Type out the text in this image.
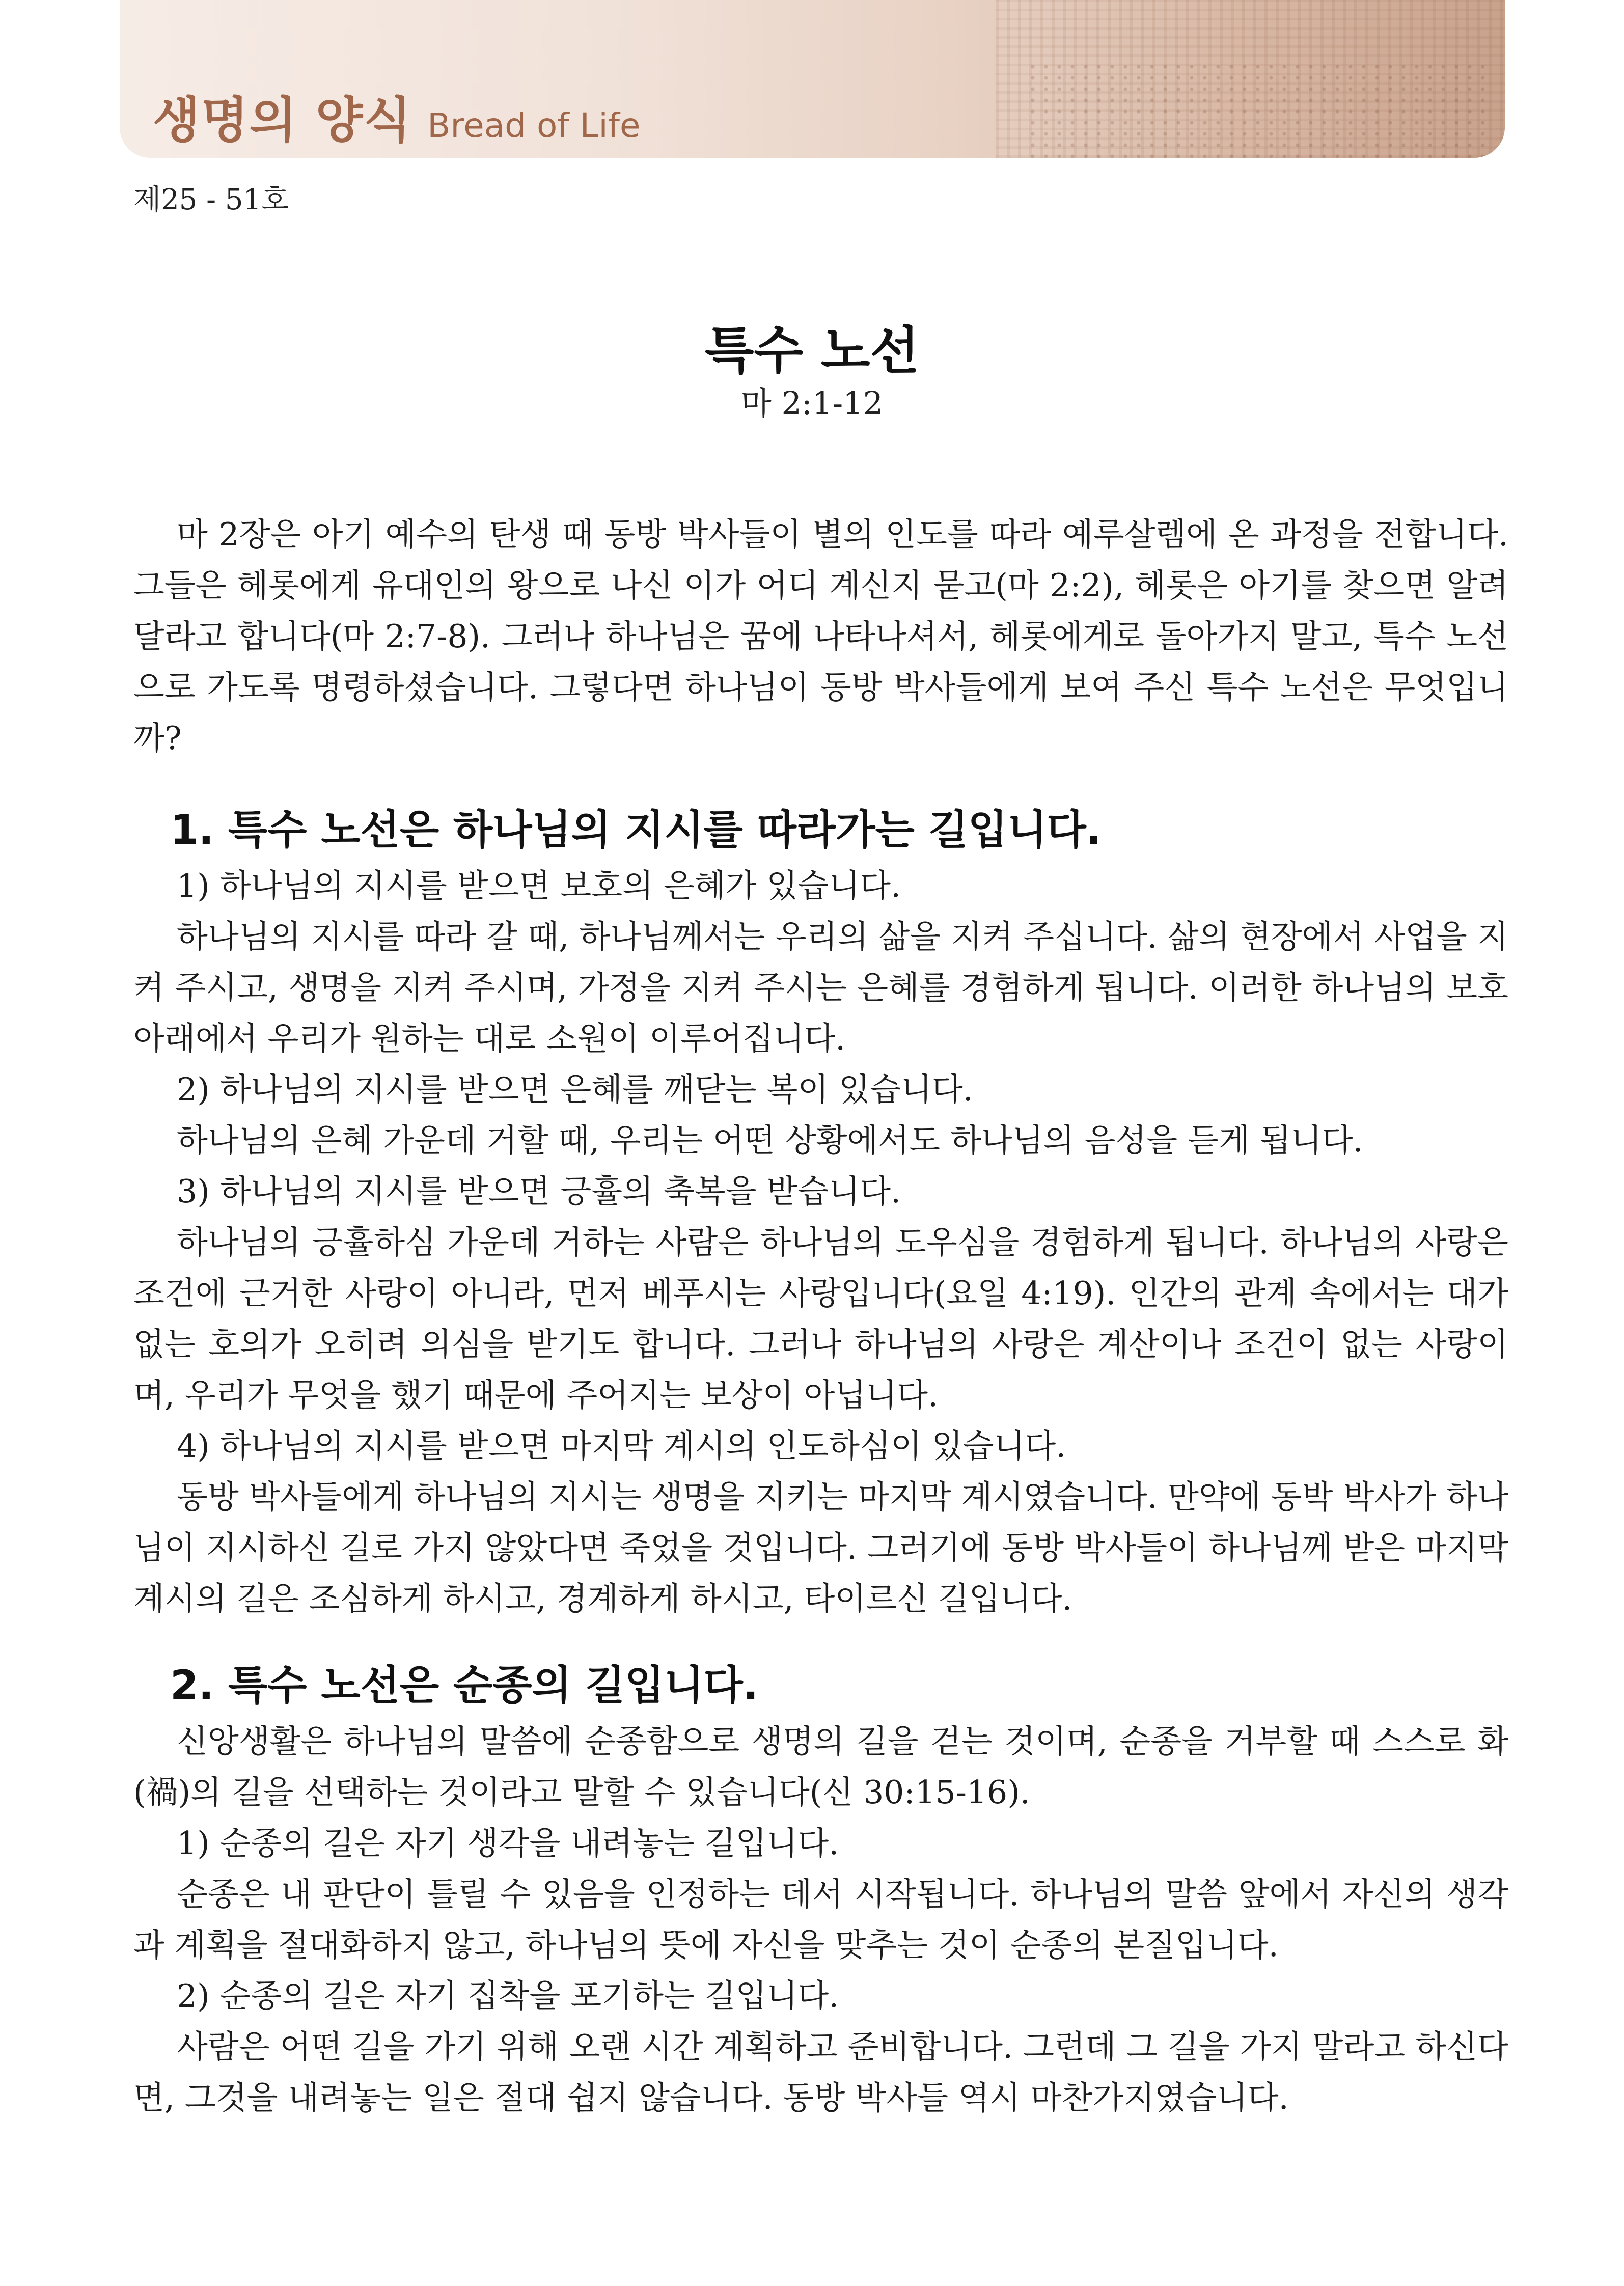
생명의 양식 Bread of Life
제25 - 51호
특수 노선
마 2:1-12

마 2장은 아기 예수의 탄생 때 동방 박사들이 별의 인도를 따라 예루살렘에 온 과정을 전합니다. 그들은 헤롯에게 유대인의 왕으로 나신 이가 어디 계신지 묻고(마 2:2), 헤롯은 아기를 찾으면 알려 달라고 합니다(마 2:7-8). 그러나 하나님은 꿈에 나타나셔서, 헤롯에게로 돌아가지 말고, 특수 노선으로 가도록 명령하셨습니다. 그렇다면 하나님이 동방 박사들에게 보여 주신 특수 노선은 무엇입니까?

1. 특수 노선은 하나님의 지시를 따라가는 길입니다.

1) 하나님의 지시를 받으면 보호의 은혜가 있습니다.

하나님의 지시를 따라 갈 때, 하나님께서는 우리의 삶을 지켜 주십니다. 삶의 현장에서 사업을 지켜 주시고, 생명을 지켜 주시며, 가정을 지켜 주시는 은혜를 경험하게 됩니다. 이러한 하나님의 보호 아래에서 우리가 원하는 대로 소원이 이루어집니다.

2) 하나님의 지시를 받으면 은혜를 깨닫는 복이 있습니다.

하나님의 은혜 가운데 거할 때, 우리는 어떤 상황에서도 하나님의 음성을 듣게 됩니다.

3) 하나님의 지시를 받으면 긍휼의 축복을 받습니다.

하나님의 긍휼하심 가운데 거하는 사람은 하나님의 도우심을 경험하게 됩니다. 하나님의 사랑은 조건에 근거한 사랑이 아니라, 먼저 베푸시는 사랑입니다(요일 4:19). 인간의 관계 속에서는 대가 없는 호의가 오히려 의심을 받기도 합니다. 그러나 하나님의 사랑은 계산이나 조건이 없는 사랑이며, 우리가 무엇을 했기 때문에 주어지는 보상이 아닙니다.

4) 하나님의 지시를 받으면 마지막 계시의 인도하심이 있습니다.

동방 박사들에게 하나님의 지시는 생명을 지키는 마지막 계시였습니다. 만약에 동박 박사가 하나님이 지시하신 길로 가지 않았다면 죽었을 것입니다. 그러기에 동방 박사들이 하나님께 받은 마지막 계시의 길은 조심하게 하시고, 경계하게 하시고, 타이르신 길입니다.

2. 특수 노선은 순종의 길입니다.

신앙생활은 하나님의 말씀에 순종함으로 생명의 길을 걷는 것이며, 순종을 거부할 때 스스로 화(禍)의 길을 선택하는 것이라고 말할 수 있습니다(신 30:15-16).

1) 순종의 길은 자기 생각을 내려놓는 길입니다.

순종은 내 판단이 틀릴 수 있음을 인정하는 데서 시작됩니다. 하나님의 말씀 앞에서 자신의 생각과 계획을 절대화하지 않고, 하나님의 뜻에 자신을 맞추는 것이 순종의 본질입니다.

2) 순종의 길은 자기 집착을 포기하는 길입니다.

사람은 어떤 길을 가기 위해 오랜 시간 계획하고 준비합니다. 그런데 그 길을 가지 말라고 하신다면, 그것을 내려놓는 일은 절대 쉽지 않습니다. 동방 박사들 역시 마찬가지였습니다.
